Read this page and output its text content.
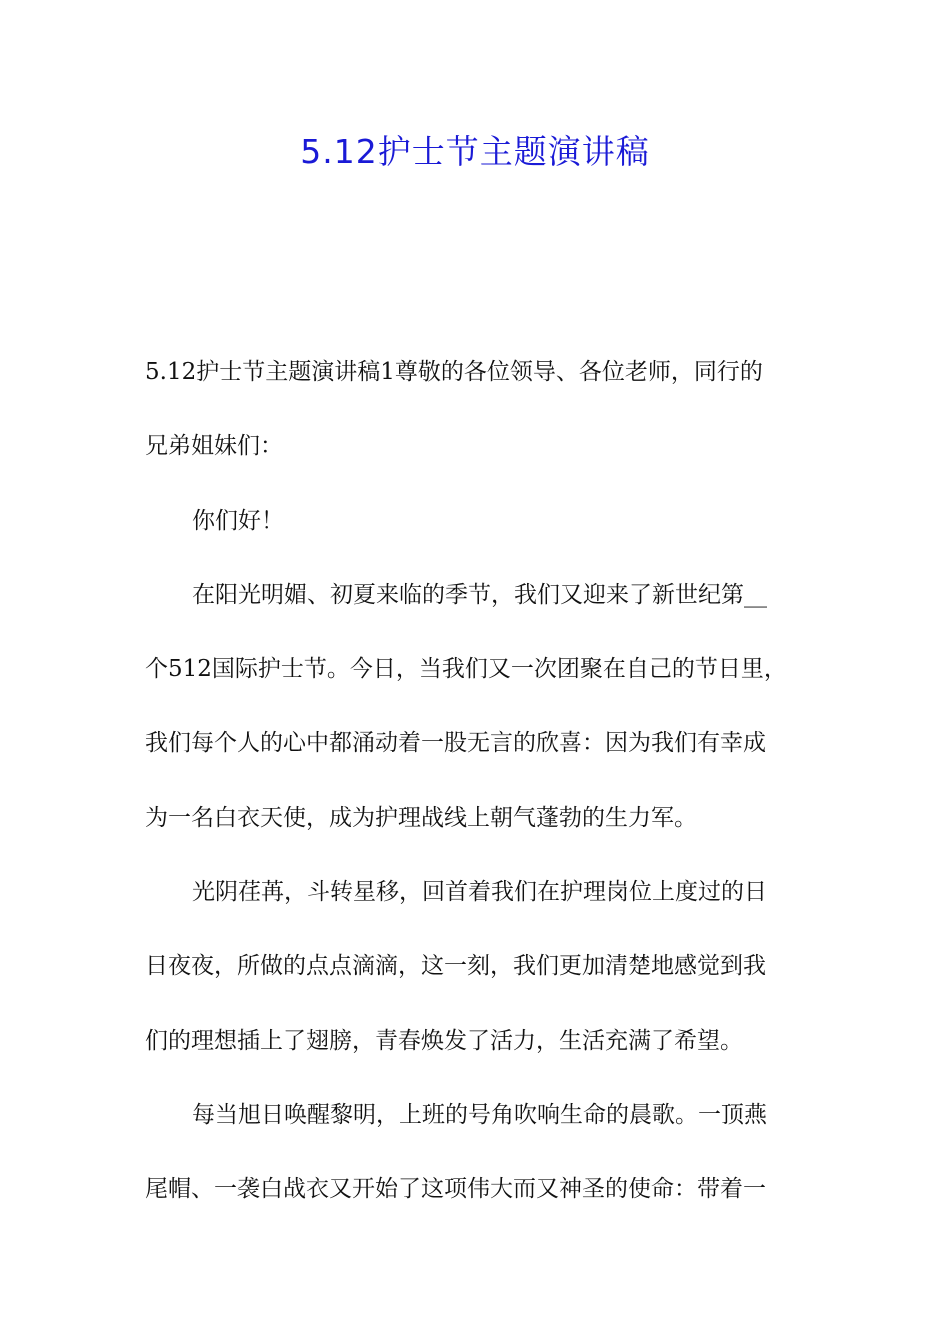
5.12护士节主题演讲稿
5.12护士节主题演讲稿1尊敬的各位领导、各位老师，同行的
兄弟姐妹们：
你们好！
在阳光明媚、初夏来临的季节，我们又迎来了新世纪第__
个512国际护士节。今日，当我们又一次团聚在自己的节日里，
我们每个人的心中都涌动着一股无言的欣喜：因为我们有幸成
为一名白衣天使，成为护理战线上朝气蓬勃的生力军。
光阴荏苒，斗转星移，回首着我们在护理岗位上度过的日
日夜夜，所做的点点滴滴，这一刻，我们更加清楚地感觉到我
们的理想插上了翅膀，青春焕发了活力，生活充满了希望。
每当旭日唤醒黎明，上班的号角吹响生命的晨歌。一顶燕
尾帽、一袭白战衣又开始了这项伟大而又神圣的使命：带着一
